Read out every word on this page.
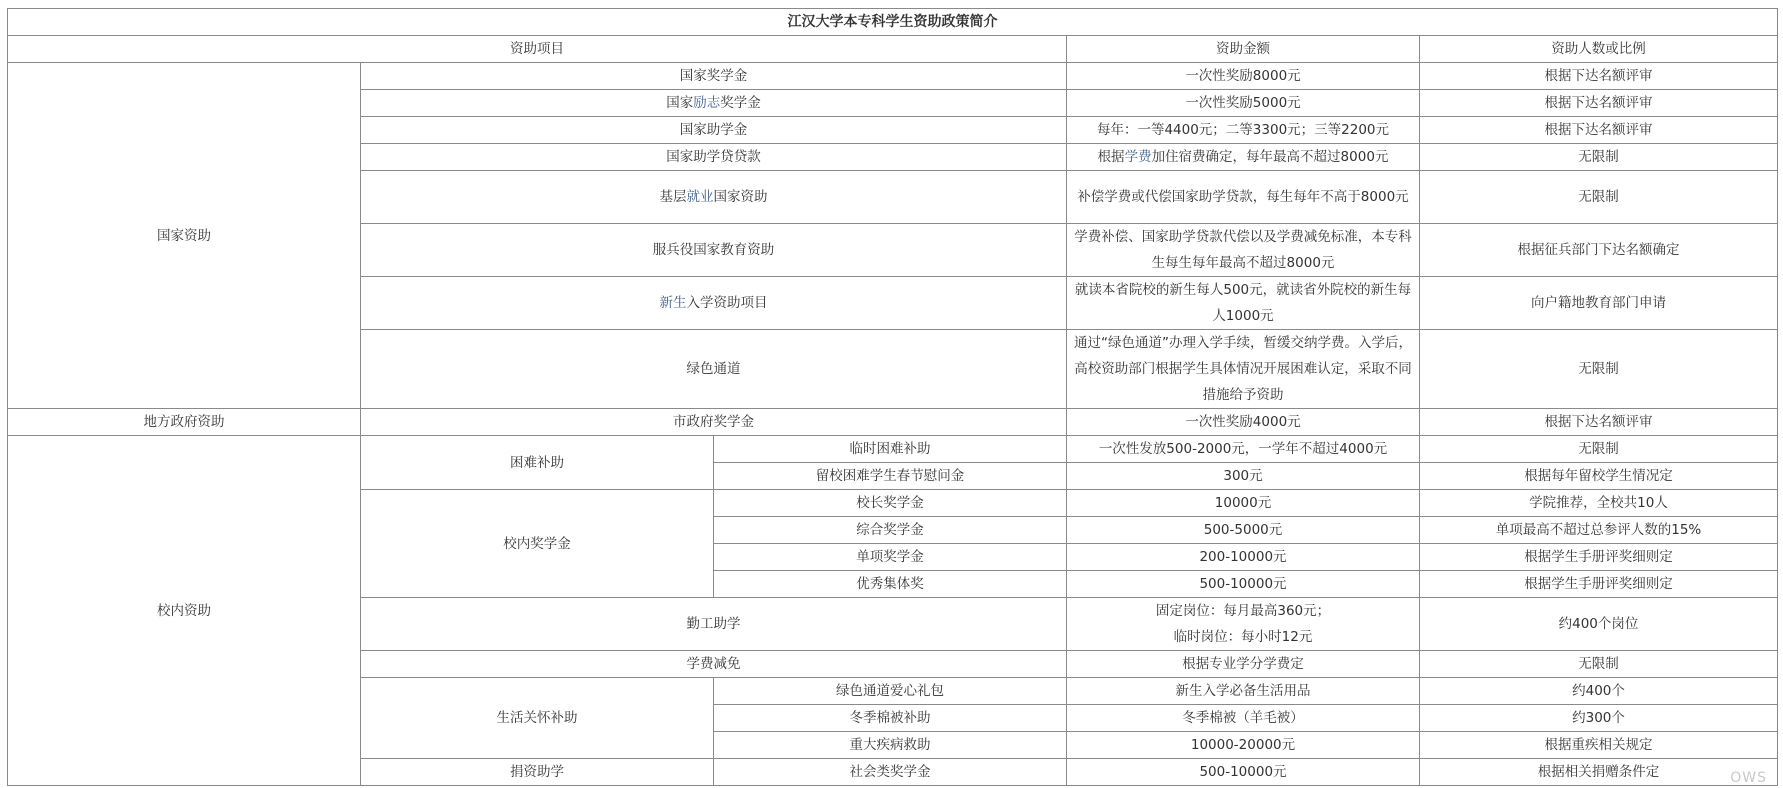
江汉大学本专科学生资助政策简介				
资助项目			资助金额	资助人数或比例
国家资助	国家奖学金		一次性奖励8000元	根据下达名额评审
	国家励志奖学金		一次性奖励5000元	根据下达名额评审
	国家助学金		每年：一等4400元；二等3300元；三等2200元	根据下达名额评审
	国家助学贷贷款		根据学费加住宿费确定，每年最高不超过8000元	无限制
	基层就业国家资助		补偿学费或代偿国家助学贷款，每生每年不高于8000元	无限制
	服兵役国家教育资助		学费补偿、国家助学贷款代偿以及学费减免标准，本专科生每生每年最高不超过8000元	根据征兵部门下达名额确定
	新生入学资助项目		就读本省院校的新生每人500元，就读省外院校的新生每人1000元	向户籍地教育部门申请
	绿色通道		通过“绿色通道”办理入学手续，暂缓交纳学费。入学后，高校资助部门根据学生具体情况开展困难认定，采取不同措施给予资助	无限制
地方政府资助	市政府奖学金		一次性奖励4000元	根据下达名额评审
校内资助	困难补助	临时困难补助	一次性发放500-2000元，一学年不超过4000元	无限制
		留校困难学生春节慰问金	300元	根据每年留校学生情况定
	校内奖学金	校长奖学金	10000元	学院推荐，全校共10人
		综合奖学金	500-5000元	单项最高不超过总参评人数的15%
		单项奖学金	200-10000元	根据学生手册评奖细则定
		优秀集体奖	500-10000元	根据学生手册评奖细则定
	勤工助学		固定岗位：每月最高360元；
临时岗位：每小时12元	约400个岗位
	学费减免		根据专业学分学费定	无限制
	生活关怀补助	绿色通道爱心礼包	新生入学必备生活用品	约400个
		冬季棉被补助	冬季棉被（羊毛被）	约300个
		重大疾病救助	10000-20000元	根据重疾相关规定
	捐资助学	社会类奖学金	500-10000元	根据相关捐赠条件定	OWS
